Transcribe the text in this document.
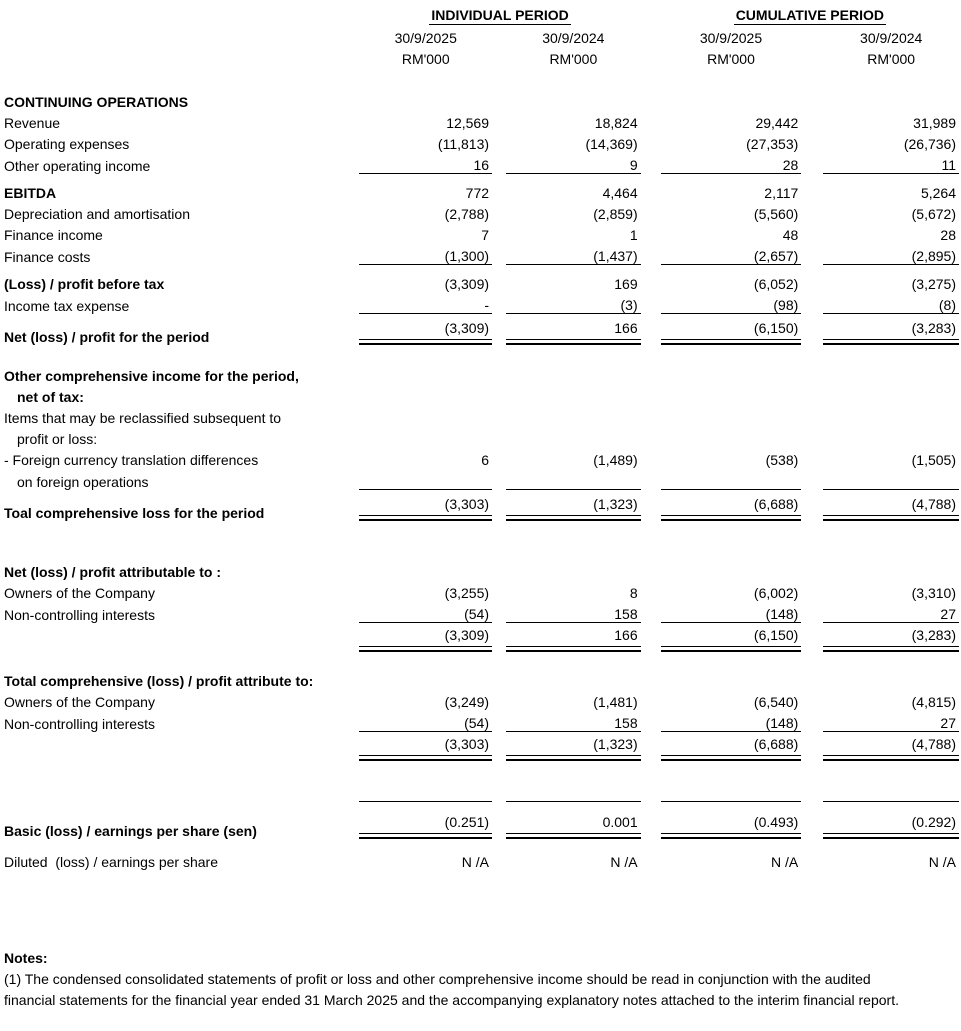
	INDIVIDUAL PERIOD				CUMULATIVE PERIOD		
	30/9/2025		30/9/2024		30/9/2025		30/9/2024
	RM'000		RM'000		RM'000		RM'000

CONTINUING OPERATIONS							
Revenue	12,569		18,824		29,442		31,989
Operating expenses	(11,813)		(14,369)		(27,353)		(26,736)
Other operating income	16		9		28		11
EBITDA	772		4,464		2,117		5,264
Depreciation and amortisation	(2,788)		(2,859)		(5,560)		(5,672)
Finance income	7		1		48		28
Finance costs	(1,300)		(1,437)		(2,657)		(2,895)
(Loss) / profit before tax	(3,309)		169		(6,052)		(3,275)
Income tax expense	-		(3)		(98)		(8)
Net (loss) / profit for the period	(3,309)		166		(6,150)		(3,283)

Other comprehensive income for the period,							
net of tax:							
Items that may be reclassified subsequent to							
profit or loss:							
- Foreign currency translation differences	6		(1,489)		(538)		(1,505)
on foreign operations							
Toal comprehensive loss for the period	(3,303)		(1,323)		(6,688)		(4,788)

Net (loss) / profit attributable to :							
Owners of the Company	(3,255)		8		(6,002)		(3,310)
Non-controlling interests	(54)		158		(148)		27
	(3,309)		166		(6,150)		(3,283)

Total comprehensive (loss) / profit attribute to:							
Owners of the Company	(3,249)		(1,481)		(6,540)		(4,815)
Non-controlling interests	(54)		158		(148)		27
	(3,303)		(1,323)		(6,688)		(4,788)

Basic (loss) / earnings per share (sen)	(0.251)		0.001		(0.493)		(0.292)

Diluted  (loss) / earnings per share	N /A		N /A		N /A		N /A
Notes:
(1) The condensed consolidated statements of profit or loss and other comprehensive income should be read in conjunction with the audited
financial statements for the financial year ended 31 March 2025 and the accompanying explanatory notes attached to the interim financial report.
